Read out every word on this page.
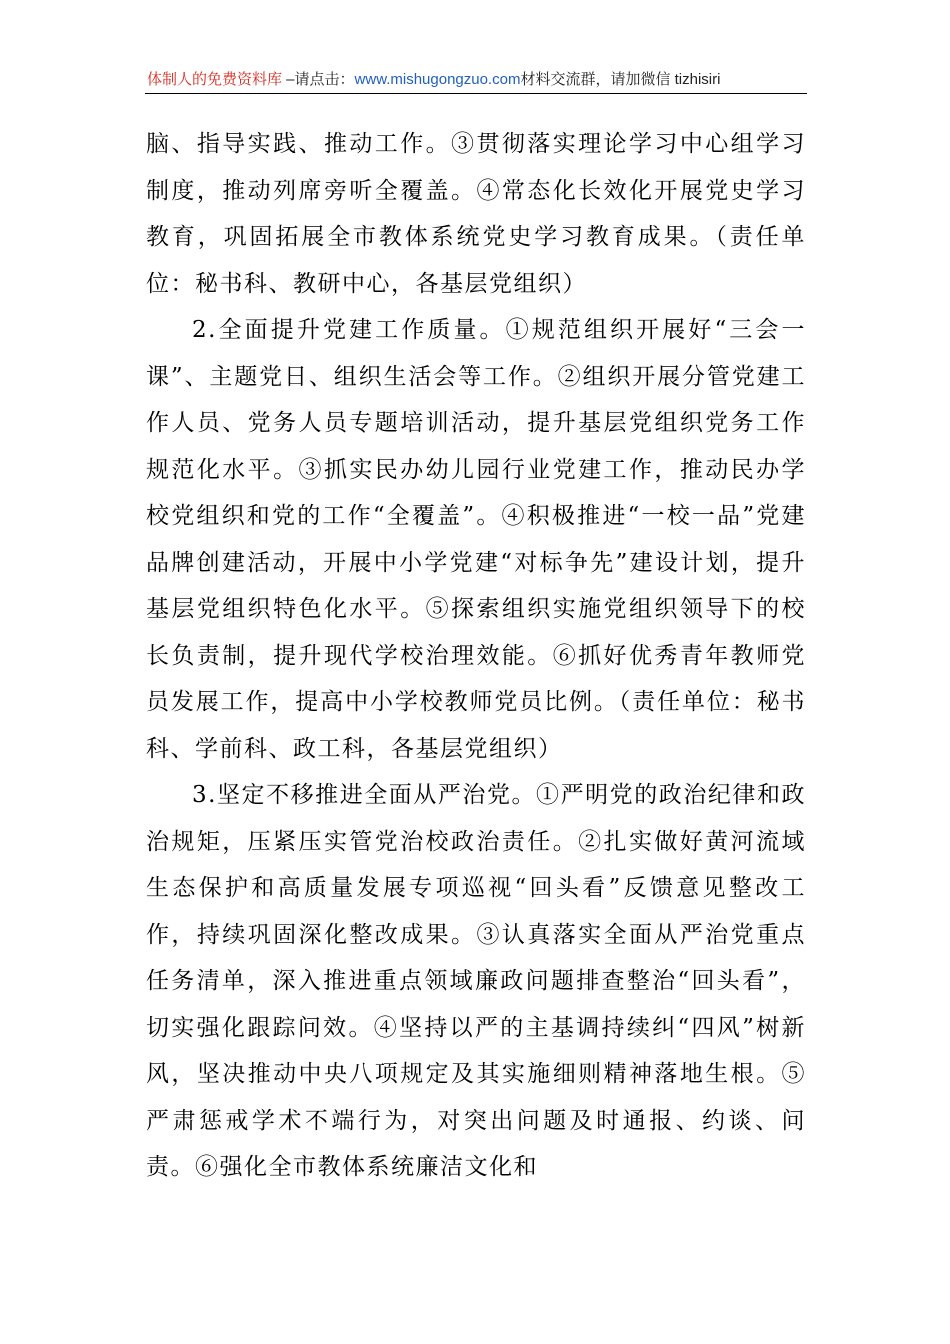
体制人的免费资料库 –请点击：www.mishugongzuo.com材料交流群，请加微信 tizhisiri

脑、指导实践、推动工作。③贯彻落实理论学习中心组学习制度，推动列席旁听全覆盖。④常态化长效化开展党史学习教育，巩固拓展全市教体系统党史学习教育成果。（责任单位：秘书科、教研中心，各基层党组织）

2.全面提升党建工作质量。①规范组织开展好“三会一课”、主题党日、组织生活会等工作。②组织开展分管党建工作人员、党务人员专题培训活动，提升基层党组织党务工作规范化水平。③抓实民办幼儿园行业党建工作，推动民办学校党组织和党的工作“全覆盖”。④积极推进“一校一品”党建品牌创建活动，开展中小学党建“对标争先”建设计划，提升基层党组织特色化水平。⑤探索组织实施党组织领导下的校长负责制，提升现代学校治理效能。⑥抓好优秀青年教师党员发展工作，提高中小学校教师党员比例。（责任单位：秘书科、学前科、政工科，各基层党组织）

3.坚定不移推进全面从严治党。①严明党的政治纪律和政治规矩，压紧压实管党治校政治责任。②扎实做好黄河流域生态保护和高质量发展专项巡视“回头看”反馈意见整改工作，持续巩固深化整改成果。③认真落实全面从严治党重点任务清单，深入推进重点领域廉政问题排查整治“回头看”，切实强化跟踪问效。④坚持以严的主基调持续纠“四风”树新风，坚决推动中央八项规定及其实施细则精神落地生根。⑤严肃惩戒学术不端行为，对突出问题及时通报、约谈、问责。⑥强化全市教体系统廉洁文化和
